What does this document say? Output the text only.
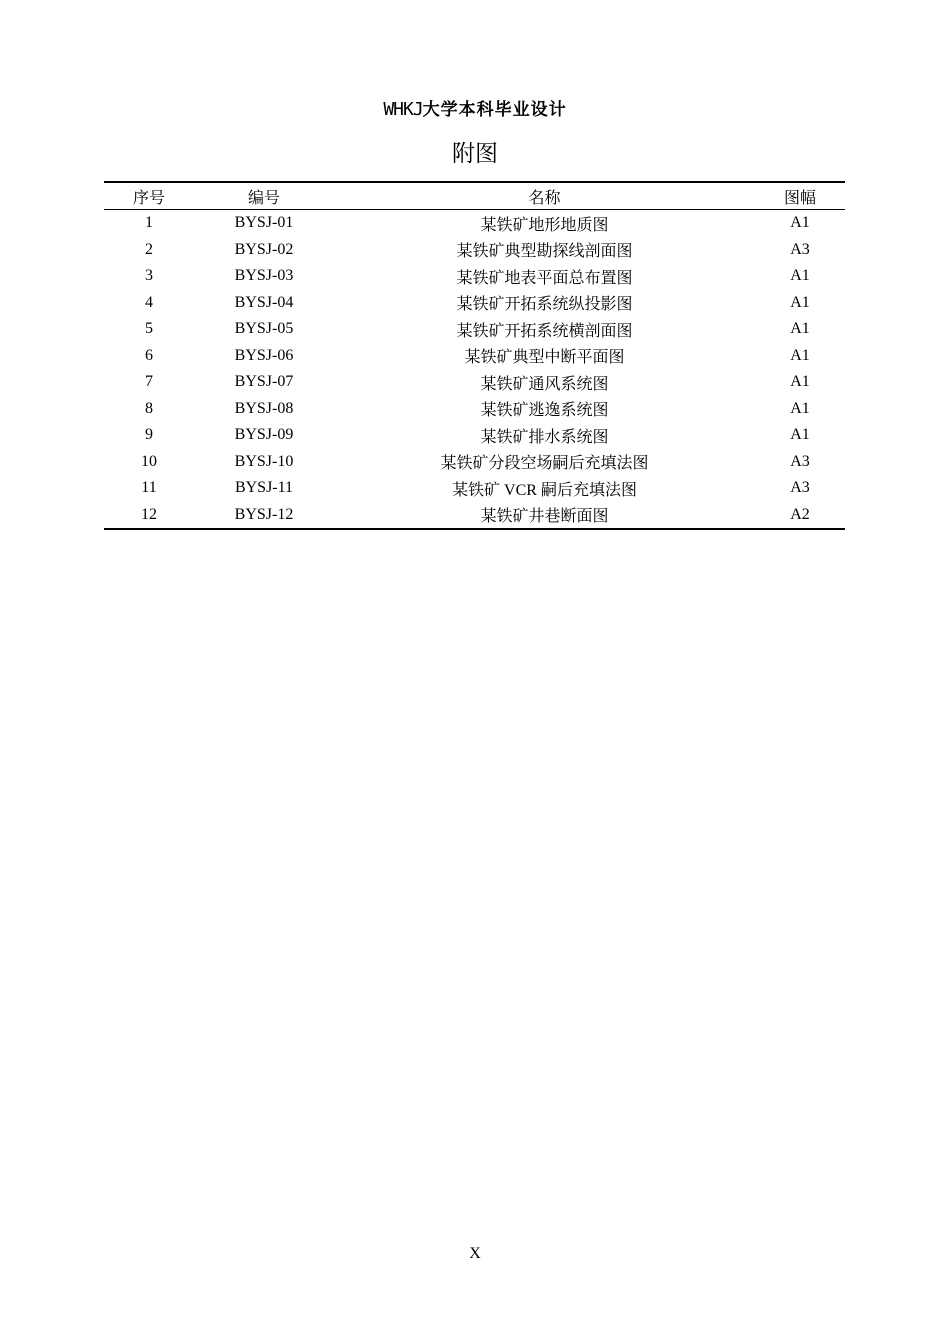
WHKJ大学本科毕业设计
附图
序号	编号	名称	图幅
1	BYSJ-01	某铁矿地形地质图	A1
2	BYSJ-02	某铁矿典型勘探线剖面图	A3
3	BYSJ-03	某铁矿地表平面总布置图	A1
4	BYSJ-04	某铁矿开拓系统纵投影图	A1
5	BYSJ-05	某铁矿开拓系统横剖面图	A1
6	BYSJ-06	某铁矿典型中断平面图	A1
7	BYSJ-07	某铁矿通风系统图	A1
8	BYSJ-08	某铁矿逃逸系统图	A1
9	BYSJ-09	某铁矿排水系统图	A1
10	BYSJ-10	某铁矿分段空场嗣后充填法图	A3
11	BYSJ-11	某铁矿 VCR 嗣后充填法图	A3
12	BYSJ-12	某铁矿井巷断面图	A2
X
